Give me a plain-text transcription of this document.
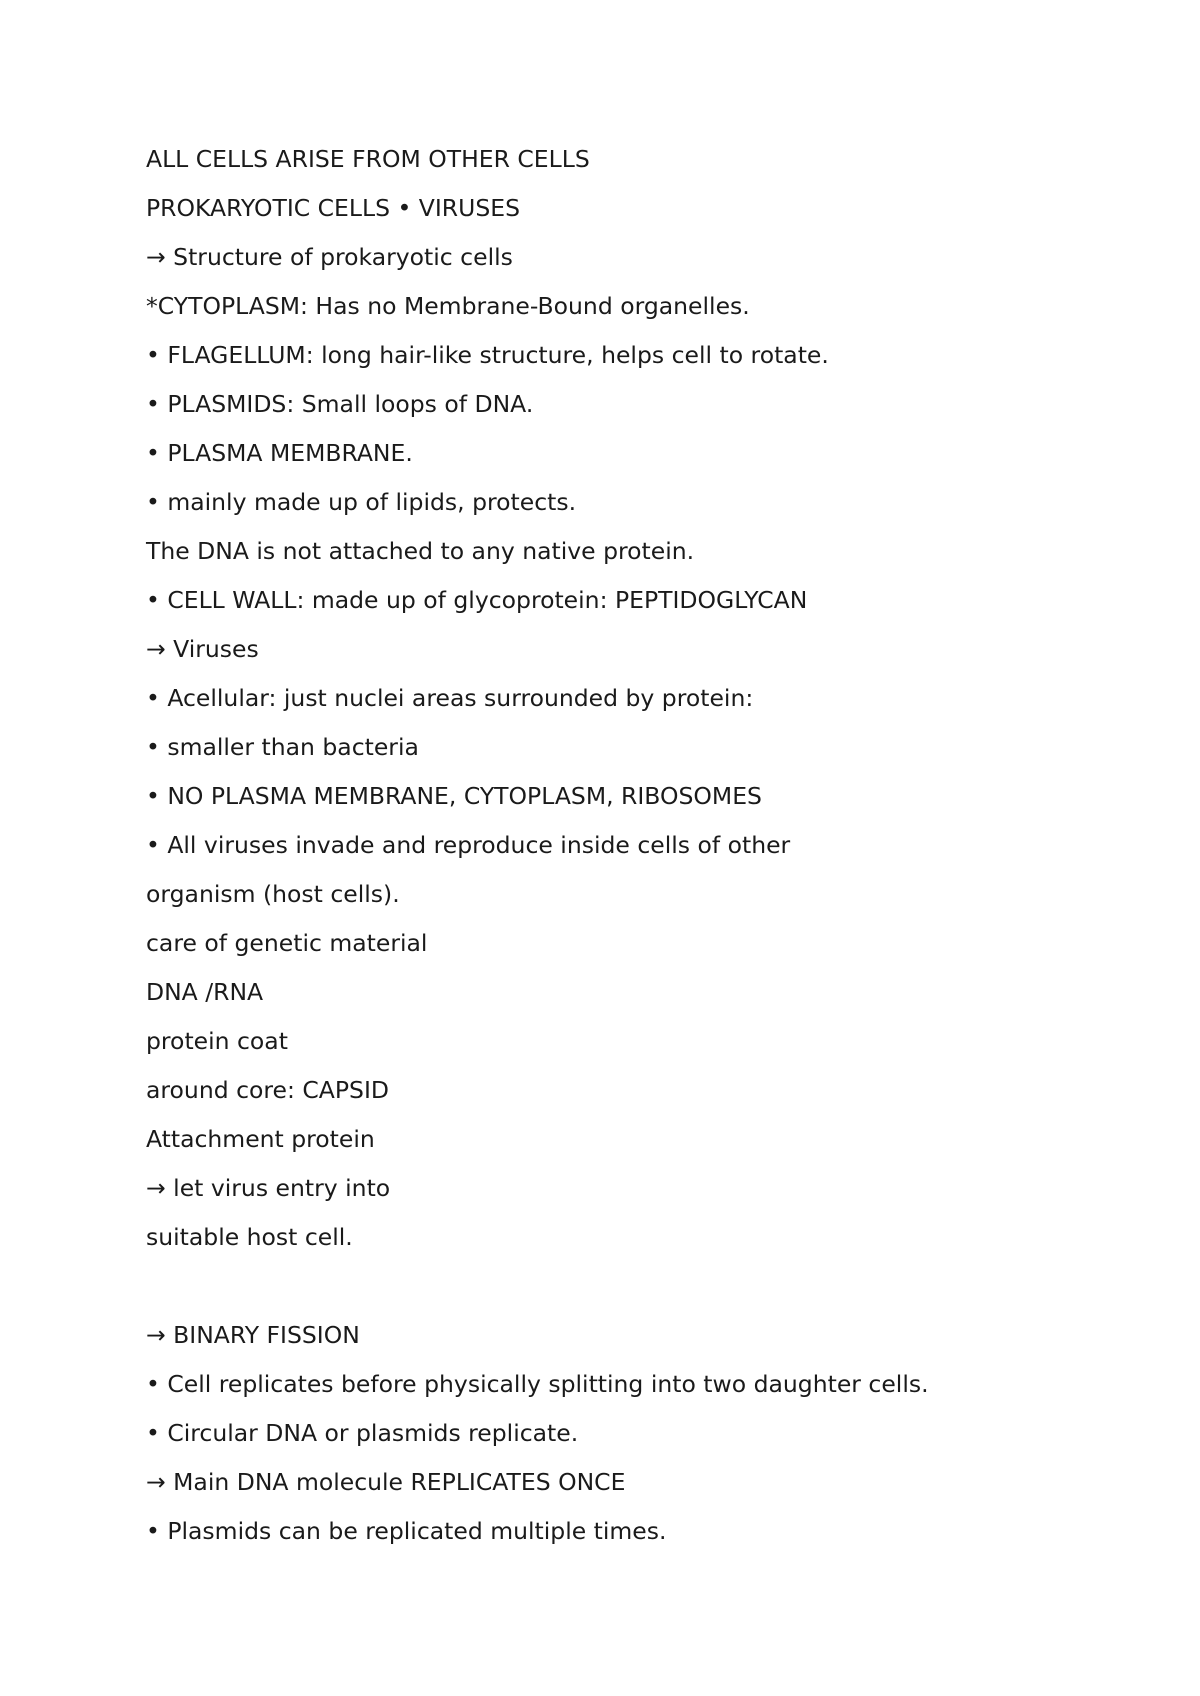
ALL CELLS ARISE FROM OTHER CELLS
PROKARYOTIC CELLS • VIRUSES
→ Structure of prokaryotic cells
*CYTOPLASM: Has no Membrane-Bound organelles.
• FLAGELLUM: long hair-like structure, helps cell to rotate.
• PLASMIDS: Small loops of DNA.
• PLASMA MEMBRANE.
• mainly made up of lipids, protects.
The DNA is not attached to any native protein.
• CELL WALL: made up of glycoprotein: PEPTIDOGLYCAN
→ Viruses
• Acellular: just nuclei areas surrounded by protein:
• smaller than bacteria
• NO PLASMA MEMBRANE, CYTOPLASM, RIBOSOMES
• All viruses invade and reproduce inside cells of other
organism (host cells).
care of genetic material
DNA /RNA
protein coat
around core: CAPSID
Attachment protein
→ let virus entry into
suitable host cell.
→ BINARY FISSION
• Cell replicates before physically splitting into two daughter cells.
• Circular DNA or plasmids replicate.
→ Main DNA molecule REPLICATES ONCE
• Plasmids can be replicated multiple times.
